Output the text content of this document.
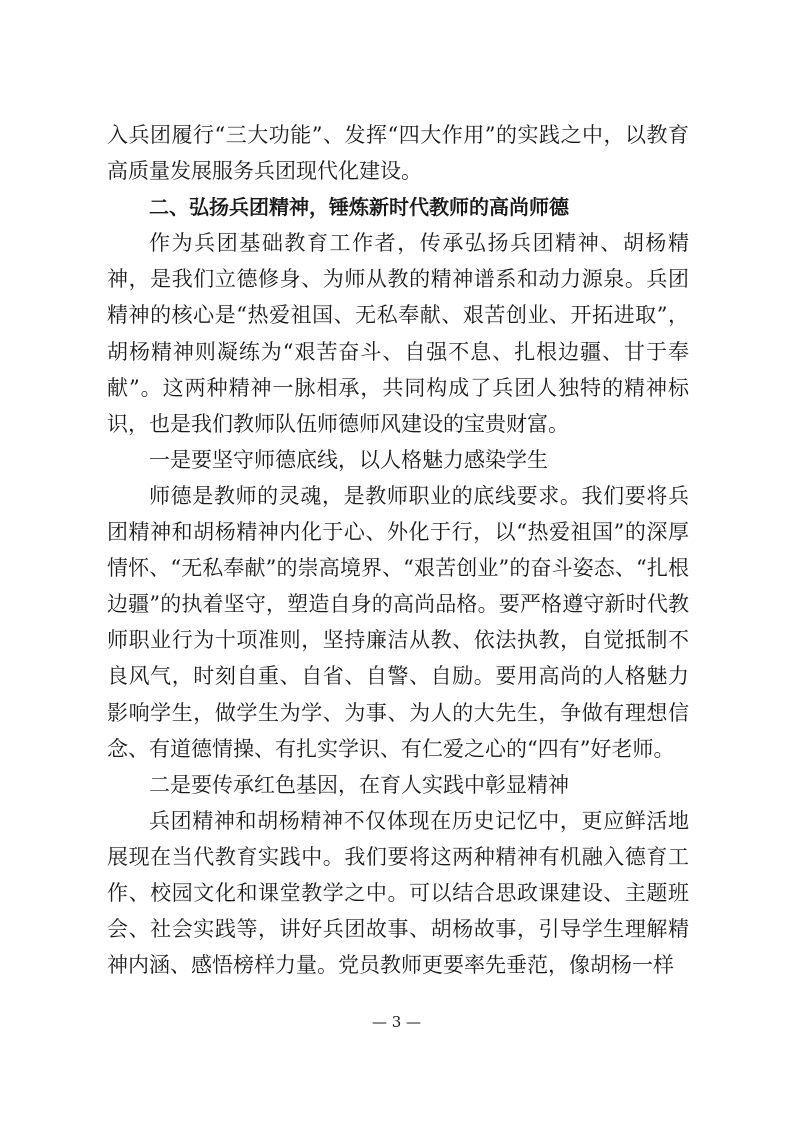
入兵团履行“三大功能”、发挥“四大作用”的实践之中，以教育高质量发展服务兵团现代化建设。

二、弘扬兵团精神，锤炼新时代教师的高尚师德

作为兵团基础教育工作者，传承弘扬兵团精神、胡杨精神，是我们立德修身、为师从教的精神谱系和动力源泉。兵团精神的核心是“热爱祖国、无私奉献、艰苦创业、开拓进取”，胡杨精神则凝练为“艰苦奋斗、自强不息、扎根边疆、甘于奉献”。这两种精神一脉相承，共同构成了兵团人独特的精神标识，也是我们教师队伍师德师风建设的宝贵财富。

一是要坚守师德底线，以人格魅力感染学生

师德是教师的灵魂，是教师职业的底线要求。我们要将兵团精神和胡杨精神内化于心、外化于行，以“热爱祖国”的深厚情怀、“无私奉献”的崇高境界、“艰苦创业”的奋斗姿态、“扎根边疆”的执着坚守，塑造自身的高尚品格。要严格遵守新时代教师职业行为十项准则，坚持廉洁从教、依法执教，自觉抵制不良风气，时刻自重、自省、自警、自励。要用高尚的人格魅力影响学生，做学生为学、为事、为人的大先生，争做有理想信念、有道德情操、有扎实学识、有仁爱之心的“四有”好老师。

二是要传承红色基因，在育人实践中彰显精神

兵团精神和胡杨精神不仅体现在历史记忆中，更应鲜活地展现在当代教育实践中。我们要将这两种精神有机融入德育工作、校园文化和课堂教学之中。可以结合思政课建设、主题班会、社会实践等，讲好兵团故事、胡杨故事，引导学生理解精神内涵、感悟榜样力量。党员教师更要率先垂范，像胡杨一样

— 3 —
